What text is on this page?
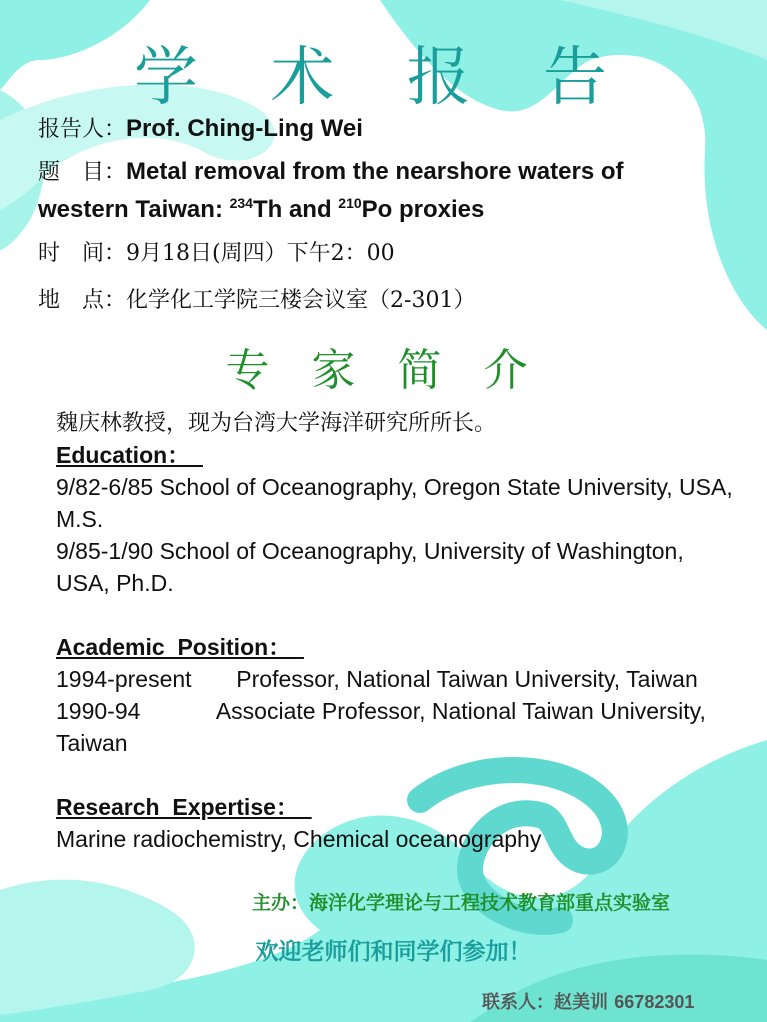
学 术 报 告
报告人：Prof. Ching-Ling Wei
题　目：Metal removal from the nearshore waters of
western Taiwan: $^{234}$Th and $^{210}$Po proxies
时　间：9月18日(周四）下午2：00
地　点：化学化工学院三楼会议室（2-301）
专 家 简 介
魏庆林教授，现为台湾大学海洋研究所所长。
Education：
9/82-6/85 School of Oceanography, Oregon State University, USA, M.S.
9/85-1/90 School of Oceanography, University of Washington, USA, Ph.D.
Academic  Position：
1994-present       Professor, National Taiwan University, Taiwan
1990-94            Associate Professor, National Taiwan University, Taiwan
Research  Expertise：
Marine radiochemistry, Chemical oceanography
主办：海洋化学理论与工程技术教育部重点实验室
欢迎老师们和同学们参加！
联系人：赵美训 66782301
